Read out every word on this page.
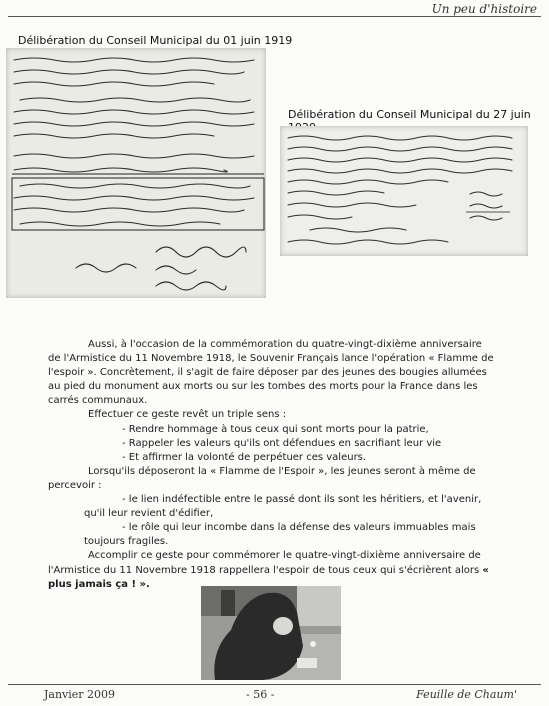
Un peu d'histoire
Délibération du Conseil Municipal du 01 juin 1919
Délibération du Conseil Municipal du 27 juin

Aussi, à l'occasion de la commémoration du quatre-vingt-dixième anniversaire de l'Armistice du 11 Novembre 1918, le Souvenir Français lance l'opération « Flamme de l'espoir ». Concrètement, il s'agit de faire déposer par des jeunes des bougies allumées au pied du monument aux morts ou sur les tombes des morts pour la France dans les carrés communaux.

Effectuer ce geste revêt un triple sens :

- Rendre hommage à tous ceux qui sont morts pour la patrie,

- Rappeler les valeurs qu'ils ont défendues en sacrifiant leur vie

- Et affirmer la volonté de perpétuer ces valeurs.

Lorsqu'ils déposeront la « Flamme de l'Espoir », les jeunes seront à même de percevoir :

- le lien indéfectible entre le passé dont ils sont les héritiers, et l'avenir, qu'il leur revient d'édifier,

- le rôle qui leur incombe dans la défense des valeurs immuables mais toujours fragiles.

Accomplir ce geste pour commémorer le quatre-vingt-dixième anniversaire de l'Armistice du 11 Novembre 1918 rappellera l'espoir de tous ceux qui s'écrièrent alors « plus jamais ça ! ».

Janvier 2009	- 56 -	Feuille de Chaum'
